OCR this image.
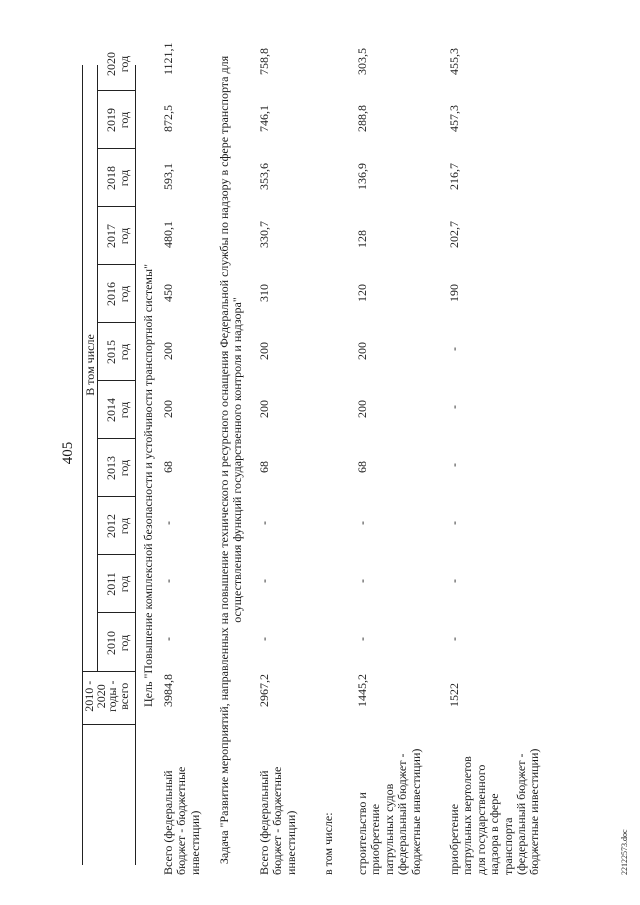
405
2010 -
2020
годы -
всего
В том числе
2010 год
2011 год
2012 год
2013 год
2014 год
2015 год
2016 год
2017 год
2018 год
2019 год
2020 год
Цель "Повышение комплексной безопасности и устойчивости транспортной системы"
Всего (федеральный
бюджет - бюджетные
инвестиции)
3984,8
-
-
-
68
200
200
450
480,1
593,1
872,5
1121,1	Задача "Развитие мероприятий, направленных на повышение технического и ресурсного оснащения Федеральной службы по надзору в сфере транспорта для осуществления функций государственного контроля и надзора"
Всего (федеральный
бюджет - бюджетные
инвестиции)
2967,2
-
-
-
68
200
200
310
330,7
353,6
746,1
758,8
в том числе: строительство и
приобретение
патрульных судов
(федеральный бюджет -
бюджетные инвестиции)
1445,2
-
-
-
68
200
200
120
128
136,9
288,8
303,5
приобретение
патрульных вертолетов
для государственного
надзора в сфере
транспорта
(федеральный бюджет -
бюджетные инвестиции)
1522
-
-
-
-
-
-
190
202,7
216,7
457,3
455,3
22122573.doc
